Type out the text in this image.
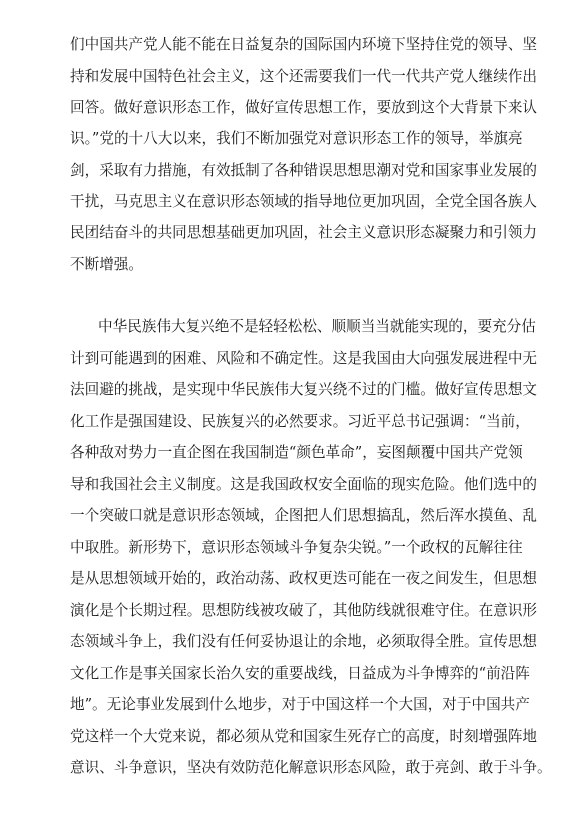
们中国共产党人能不能在日益复杂的国际国内环境下坚持住党的领导、坚
持和发展中国特色社会主义，这个还需要我们一代一代共产党人继续作出
回答。做好意识形态工作，做好宣传思想工作，要放到这个大背景下来认
识。”党的十八大以来，我们不断加强党对意识形态工作的领导，举旗亮
剑，采取有力措施，有效抵制了各种错误思想思潮对党和国家事业发展的
干扰，马克思主义在意识形态领域的指导地位更加巩固，全党全国各族人
民团结奋斗的共同思想基础更加巩固，社会主义意识形态凝聚力和引领力
不断增强。
中华民族伟大复兴绝不是轻轻松松、顺顺当当就能实现的，要充分估
计到可能遇到的困难、风险和不确定性。这是我国由大向强发展进程中无
法回避的挑战，是实现中华民族伟大复兴绕不过的门槛。做好宣传思想文
化工作是强国建设、民族复兴的必然要求。习近平总书记强调：“当前，
各种敌对势力一直企图在我国制造“颜色革命”，妄图颠覆中国共产党领
导和我国社会主义制度。这是我国政权安全面临的现实危险。他们选中的
一个突破口就是意识形态领域，企图把人们思想搞乱，然后浑水摸鱼、乱
中取胜。新形势下，意识形态领域斗争复杂尖锐。”一个政权的瓦解往往
是从思想领域开始的，政治动荡、政权更迭可能在一夜之间发生，但思想
演化是个长期过程。思想防线被攻破了，其他防线就很难守住。在意识形
态领域斗争上，我们没有任何妥协退让的余地，必须取得全胜。宣传思想
文化工作是事关国家长治久安的重要战线，日益成为斗争博弈的“前沿阵
地”。无论事业发展到什么地步，对于中国这样一个大国，对于中国共产
党这样一个大党来说，都必须从党和国家生死存亡的高度，时刻增强阵地
意识、斗争意识，坚决有效防范化解意识形态风险，敢于亮剑、敢于斗争。
